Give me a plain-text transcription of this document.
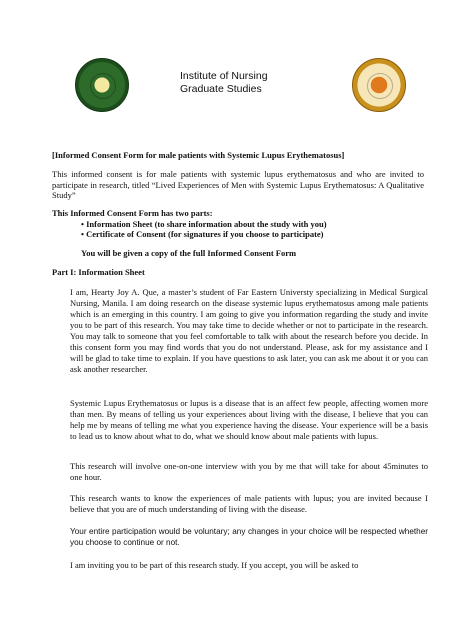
Institute of Nursing
Graduate Studies
[Informed Consent Form for male patients with Systemic Lupus Erythematosus]
This informed consent is for male patients with systemic lupus erythematosus and who are invited to participate in research, titled “Lived Experiences of Men with Systemic Lupus Erythematosus: A Qualitative Study”
This Informed Consent Form has two parts:
• Information Sheet (to share information about the study with you)
• Certificate of Consent (for signatures if you choose to participate)
You will be given a copy of the full Informed Consent Form
Part I: Information Sheet
I am, Hearty Joy A. Que, a master’s student of Far Eastern Universty specializing in Medical Surgical Nursing, Manila. I am doing research on the disease systemic lupus erythematosus among male patients which is an emerging in this country. I am going to give you information regarding the study and invite you to be part of this research. You may take time to decide whether or not to participate in the research. You may talk to someone that you feel comfortable to talk with about the research before you decide. In this consent form you may find words that you do not understand. Please, ask for my assistance and I will be glad to take time to explain. If you have questions to ask later, you can ask me about it or you can ask another researcher.
Systemic Lupus Erythematosus or lupus is a disease that is an affect few people, affecting women more than men. By means of telling us your experiences about living with the disease, I believe that you can help me by means of telling me what you experience having the disease. Your experience will be a basis to lead us to know about what to do, what we should know about male patients with lupus.
This research will involve one-on-one interview with you by me that will take for about 45minutes to one hour.
This research wants to know the experiences of male patients with lupus; you are invited because I believe that you are of much understanding of living with the disease.
Your entire participation would be voluntary; any changes in your choice will be respected whether you choose to continue or not.
I am inviting you to be part of this research study. If you accept, you will be asked to
